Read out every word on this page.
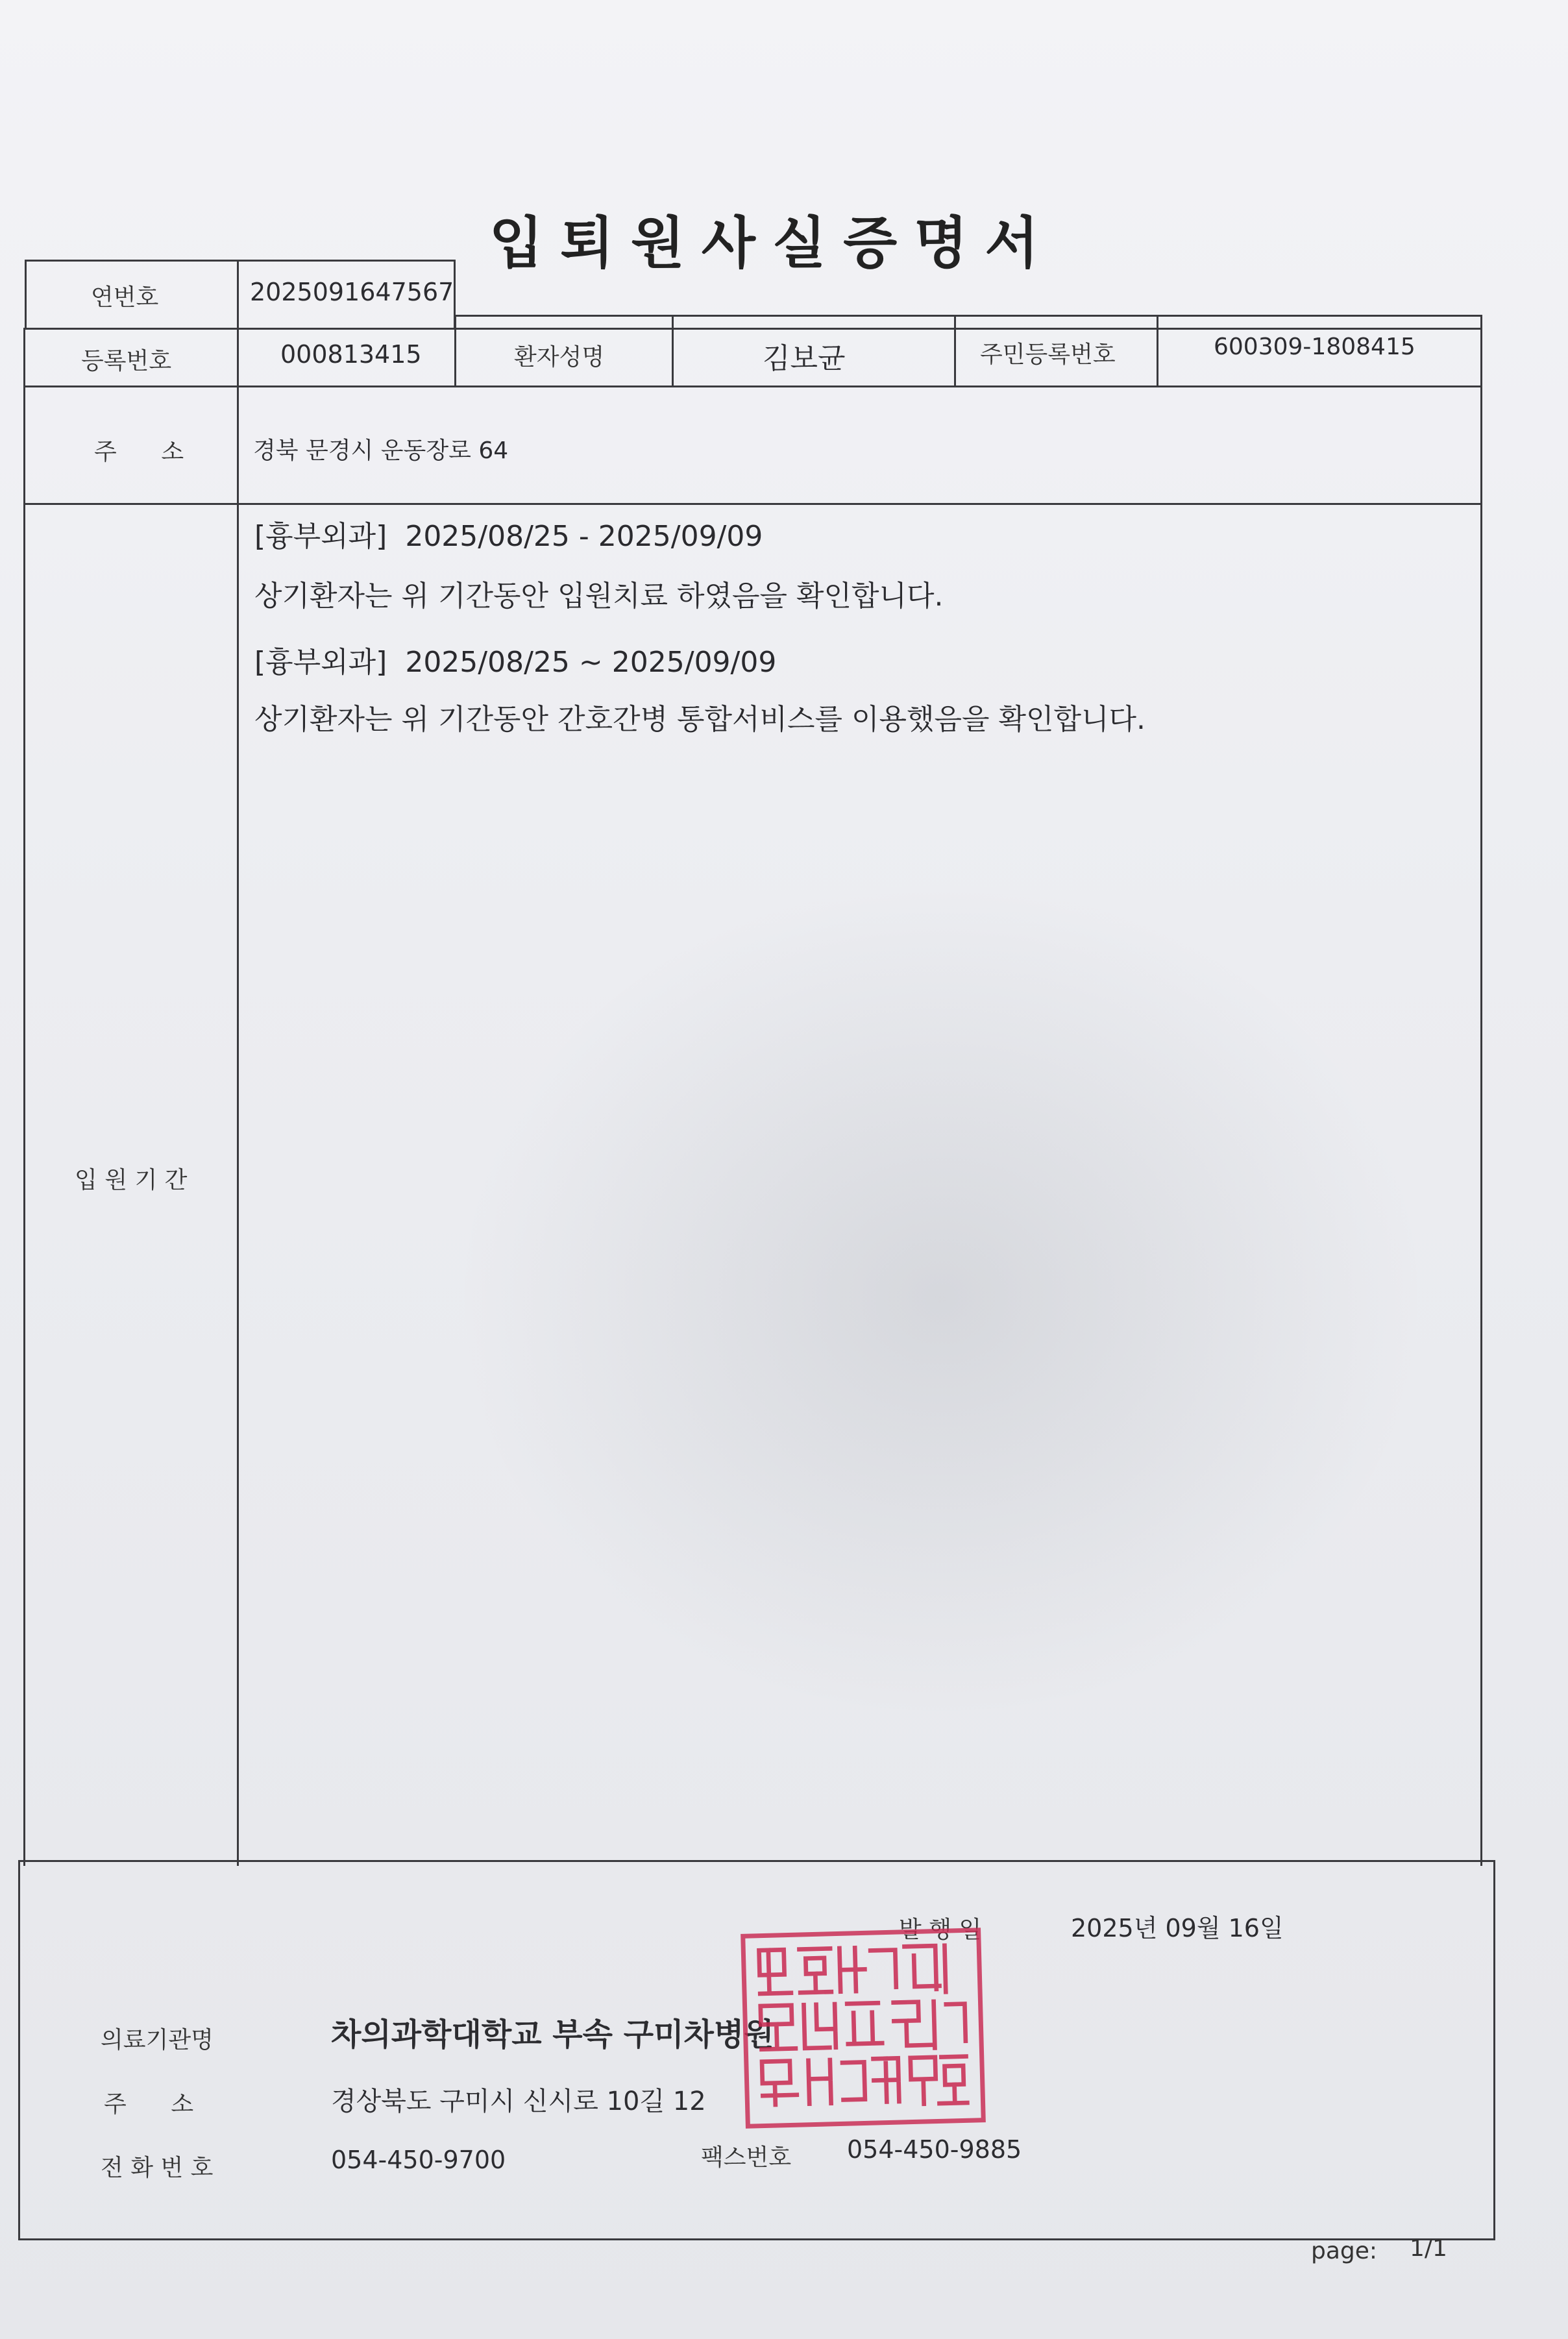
입퇴원사실증명서
연번호	2025091647567
등록번호	000813415	환자성명	김보균	주민등록번호	600309-1808415
주      소	경북 문경시 운동장로 64
입 원 기 간
[흉부외과]  2025/08/25 - 2025/09/09
상기환자는 위 기간동안 입원치료 하였음을 확인합니다.
[흉부외과]  2025/08/25 ~ 2025/09/09
상기환자는 위 기간동안 간호간병 통합서비스를 이용했음을 확인합니다.
발 행 일	2025년 09월 16일
의료기관명	차의과학대학교 부속 구미차병원
주      소	경상북도 구미시 신시로 10길 12
전 화 번 호	054-450-9700	팩스번호 054-450-9885
page: 1/1
